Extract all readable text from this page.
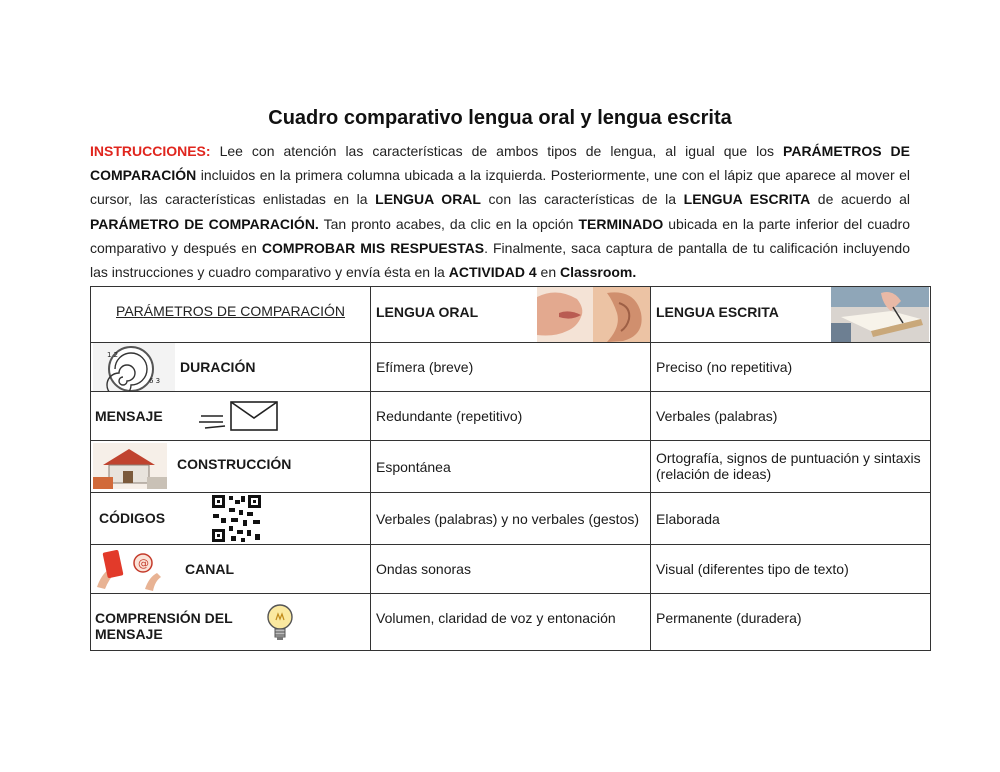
Cuadro comparativo lengua oral y lengua escrita
INSTRUCCIONES: Lee con atención las características de ambos tipos de lengua, al igual que los PARÁMETROS DE COMPARACIÓN incluidos en la primera columna ubicada a la izquierda. Posteriormente, une con el lápiz que aparece al mover el cursor, las características enlistadas en la LENGUA ORAL con las características de la LENGUA ESCRITA de acuerdo al PARÁMETRO DE COMPARACIÓN. Tan pronto acabes, da clic en la opción TERMINADO ubicada en la parte inferior del cuadro comparativo y después en COMPROBAR MIS RESPUESTAS. Finalmente, saca captura de pantalla de tu calificación incluyendo las instrucciones y cuadro comparativo y envía ésta en la ACTIVIDAD 4 en Classroom.
PARÁMETROS DE COMPARACIÓN	LENGUA ORAL	LENGUA ESCRITA

1 2
6 3
DURACIÓN	Efímera (breve)	Preciso (no repetitiva)

MENSAJE	Redundante (repetitivo)	Verbales (palabras)

CONSTRUCCIÓN	Espontánea	Ortografía, signos de puntuación y sintaxis (relación de ideas)

CÓDIGOS	Verbales (palabras) y no verbales (gestos)	Elaborada

@ CANAL	Ondas sonoras	Visual (diferentes tipo de texto)

COMPRENSIÓN DEL MENSAJE	Volumen, claridad de voz y entonación	Permanente (duradera)
